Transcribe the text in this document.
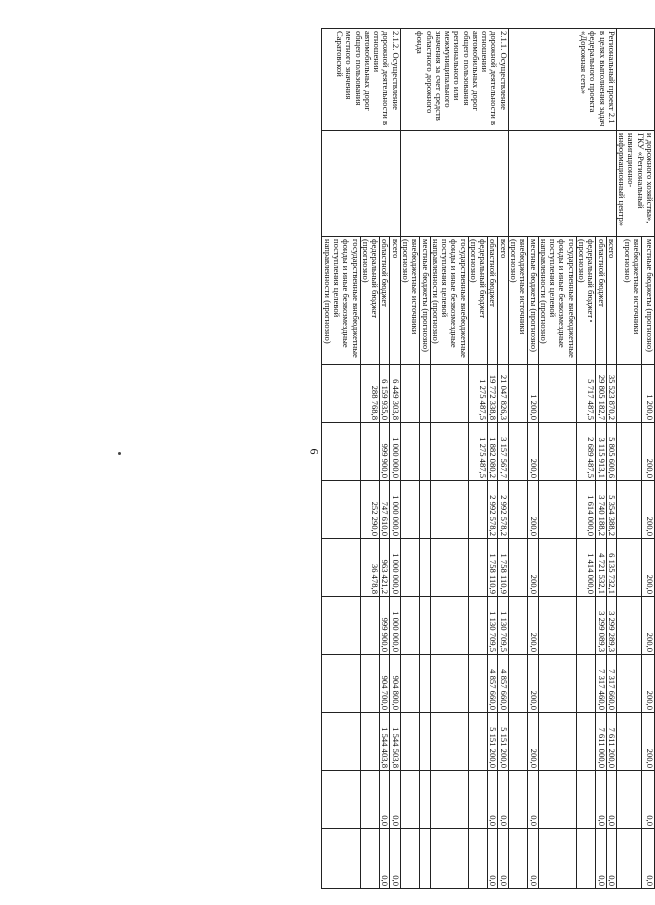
6
	и дорожного хозяйства», ГКУ «Региональный навигационно-информационный центр»	местные бюджеты (прогнозно)	1 200,0	200,0	200,0	200,0	200,0	200,0	200,0	0,0	0,0
		внебюджетные источники (прогнозно)									
Региональный проект 2.1 в целях выполнения задач федерального проекта «Дорожная сеть»		всего	35 523 870,2	5 805 600,6	5 354 388,2	6 135 732,1	3 299 289,3	7 317 660,0	7 611 200,0	0,0	0,0
		областной бюджет	29 805 182,7	3 115 913,1	3 740 188,2	4 721 532,1	3 299 089,3	7 317 460,0	7 611 000,0	0,0	0,0
		федеральный бюджет (прогнозно)	5 717 487,5	2 689 487,5	1 614 000,0	1 414 000,0					
		государственные внебюджетные фонды и иные безвозмездные поступления целевой направленности (прогнозно)									
		местные бюджеты (прогнозно)	1 200,0	200,0	200,0	200,0	200,0	200,0	200,0	0,0	0,0
		внебюджетные источники (прогнозно)									
2.1.1. Осуществление дорожной деятельности в отношении автомобильных дорог общего пользования регионального или межмуниципального значения за счет средств областного дорожного фонда		всего	21 047 826,3	3 157 567,7	2 992 578,2	1 758 110,9	1 130 709,5	4 857 660,0	5 151 200,0	0,0	0,0
		областной бюджет	19 772 338,8	1 882 080,2	2 992 578,2	1 758 110,9	1 130 709,5	4 857 660,0	5 151 200,0	0,0	0,0
		федеральный бюджет (прогнозно)	1 275 487,5	1 275 487,5							
		государственные внебюджетные фонды и иные безвозмездные поступления целевой направленности (прогнозно)									
		местные бюджеты (прогнозно)									
		внебюджетные источники (прогнозно)									
2.1.2. Осуществление дорожной деятельности в отношении автомобильных дорог общего пользования местного значения Саратовской		всего	6 449 303,8	1 000 000,0	1 000 000,0	1 000 000,0	1 000 000,0	904 800,0	1 544 503,8	0,0	0,0
		областной бюджет	6 159 935,0	999 900,0	747 610,0	963 421,2	999 900,0	904 700,0	1 544 403,8	0,0	0,0
		федеральный бюджет (прогнозно)	288 768,8		252 290,0	36 478,8					
		государственные внебюджетные фонды и иные безвозмездные поступления целевой направленности (прогнозно)									
